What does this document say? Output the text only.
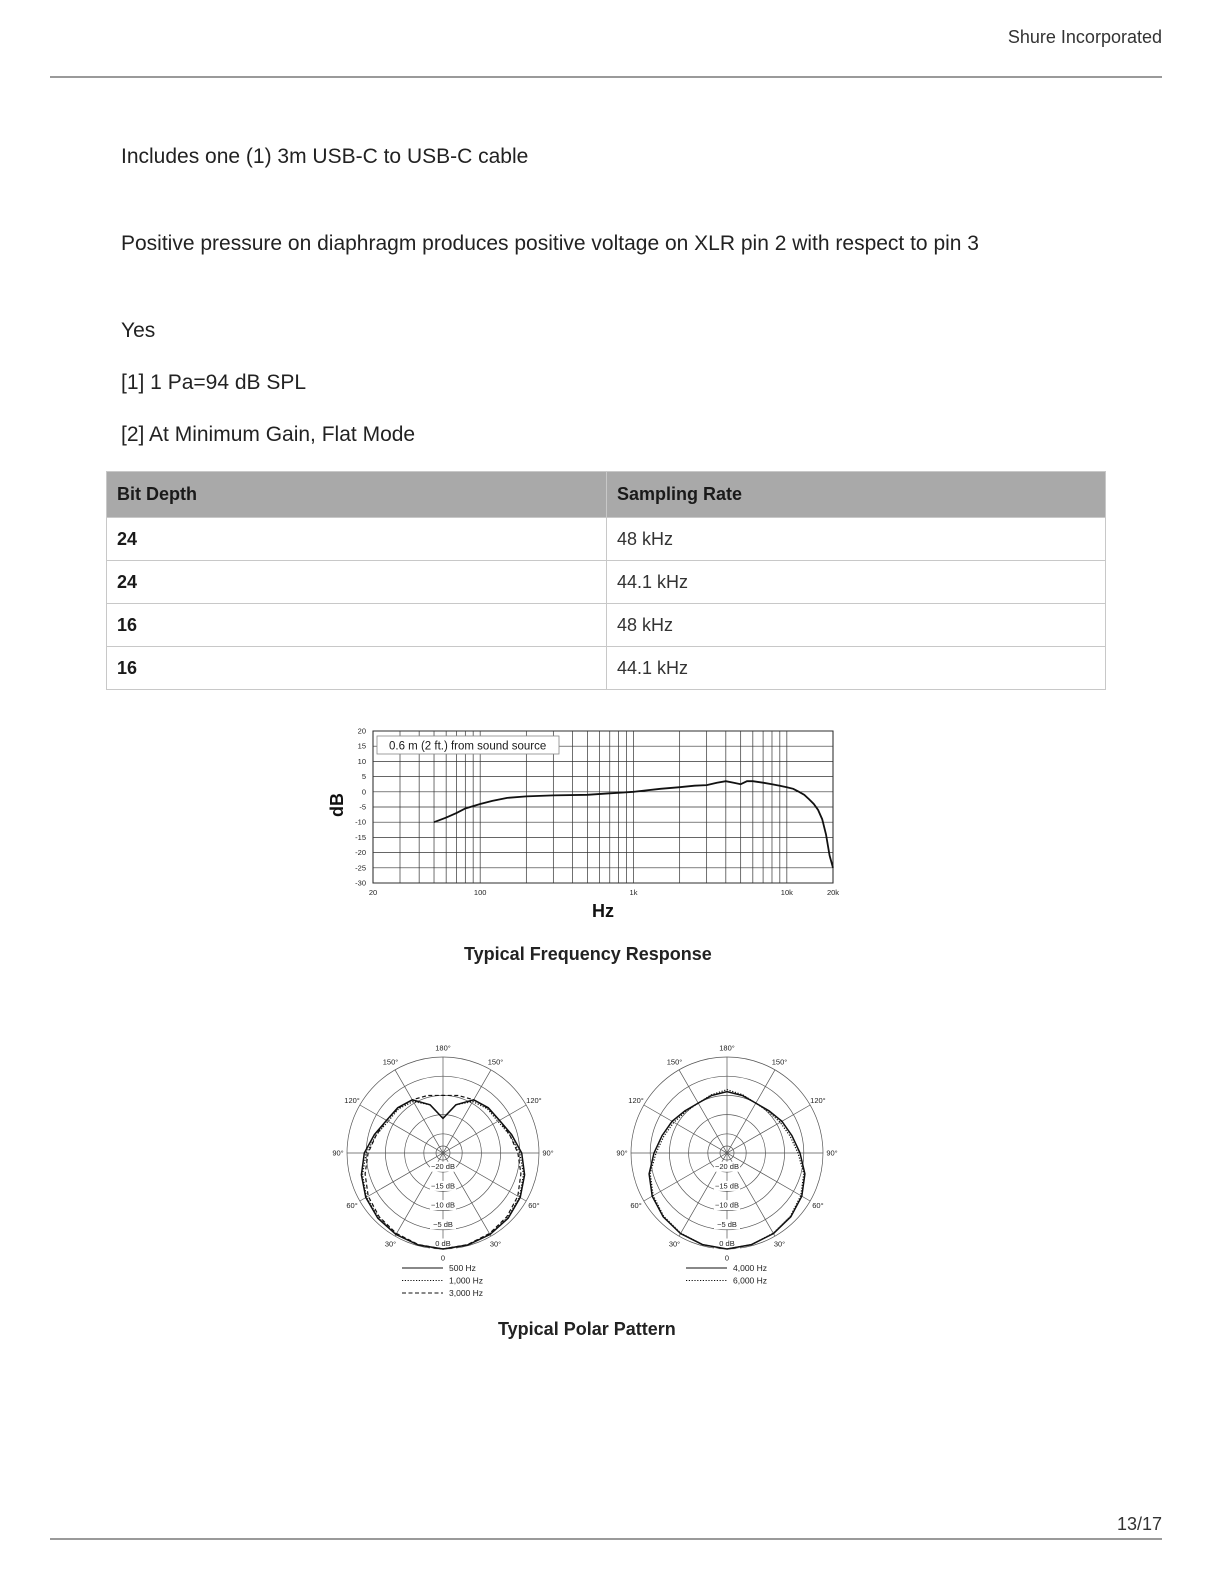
Shure Incorporated
Includes one (1) 3m USB-C to USB-C cable
Positive pressure on diaphragm produces positive voltage on XLR pin 2 with respect to pin 3
Yes
[1] 1 Pa=94 dB SPL
[2] At Minimum Gain, Flat Mode
Bit Depth	Sampling Rate
24	48 kHz
24	44.1 kHz
16	48 kHz
16	44.1 kHz
20
15
10
5
0
-5
-10
-15
-20
-25
-30
20	100	1k	10k	20k
0.6 m (2 ft.) from sound source
dB
Hz
Typical Frequency Response
180°
150°
150°
120°
120°
90°
90°
60°
60°
30°
30°
0
−20 dB
−15 dB
−10 dB
−5 dB
0 dB
500 Hz
1,000 Hz
3,000 Hz
180°
150°
150°
120°
120°
90°
90°
60°
60°
30°
30°
0
−20 dB
−15 dB
−10 dB
−5 dB
0 dB
4,000 Hz
6,000 Hz
Typical Polar Pattern
13/17
